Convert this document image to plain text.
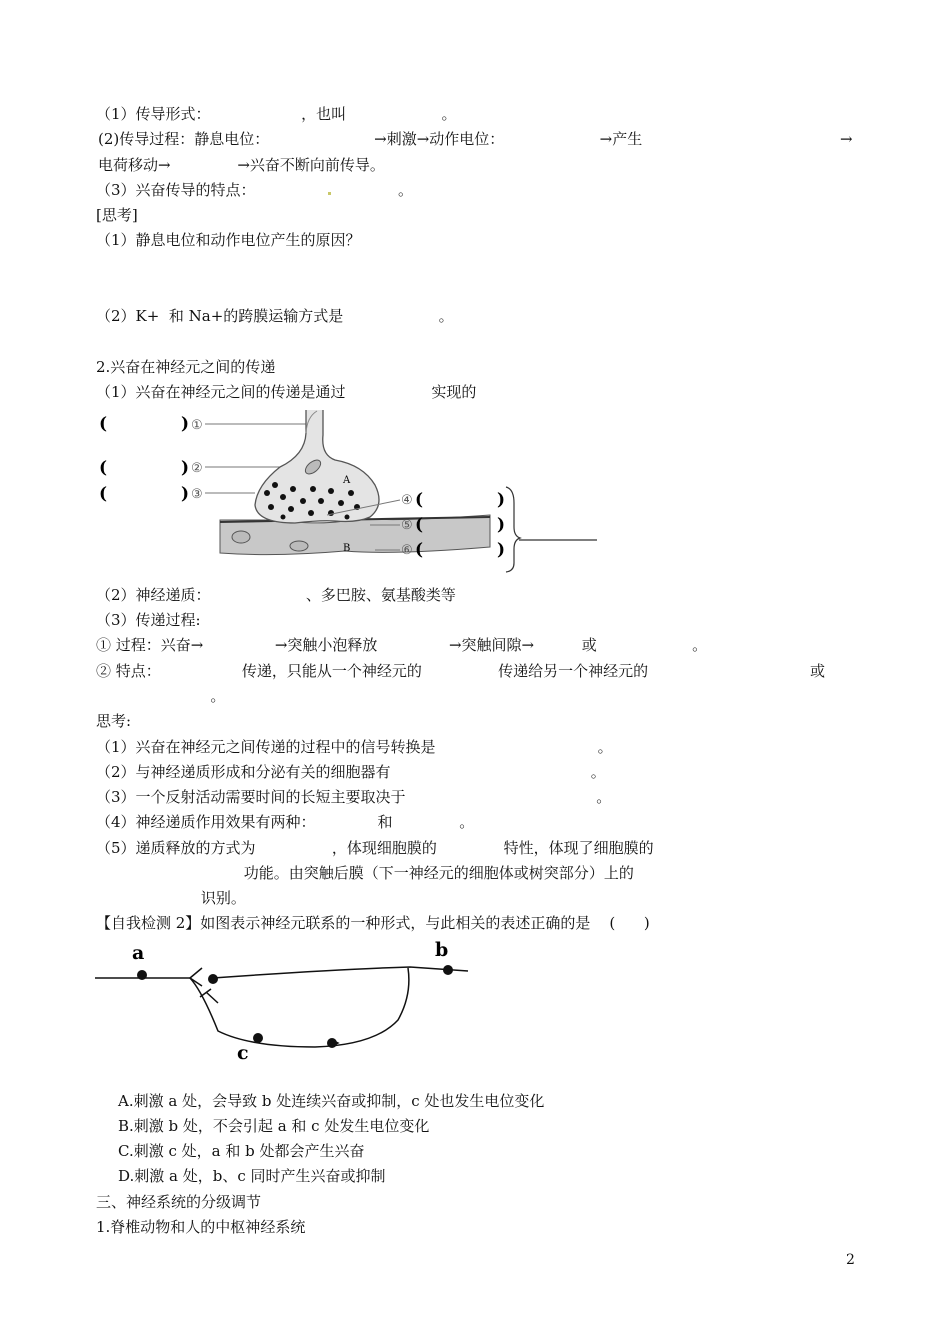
（1）传导形式：                   ，也叫                    。
(2)传导过程：静息电位：                      →刺激→动作电位：                    →产生	→
电荷移动→              →兴奋不断向前传导。
（3）兴奋传导的特点：	。
[思考]
（1）静息电位和动作电位产生的原因？
（2）K+  和 Na+的跨膜运输方式是                    。
2.兴奋在神经元之间的传递
（1）兴奋在神经元之间的传递是通过                  实现的
(	)
(	)
(	)
①
②
③
A
B
④
⑤
⑥
(	)
(	)
(	)
（2）神经递质：                    、多巴胺、氨基酸类等
（3）传递过程:
① 过程：兴奋→               →突触小泡释放               →突触间隙→          或                    。
② 特点：                 传递，只能从一个神经元的                传递给另一个神经元的	或
。
思考:
（1）兴奋在神经元之间传递的过程中的信号转换是                                  。
（2）与神经递质形成和分泌有关的细胞器有                                          。
（3）一个反射活动需要时间的长短主要取决于                                        。
（4）神经递质作用效果有两种：             和              。
（5）递质释放的方式为                ，体现细胞膜的              特性，体现了细胞膜的
功能。由突触后膜（下一神经元的细胞体或树突部分）上的
识别。
【自我检测 2】如图表示神经元联系的一种形式，与此相关的表述正确的是    (      )
a	b
c
A.刺激 a 处，会导致 b 处连续兴奋或抑制，c 处也发生电位变化
B.刺激 b 处，不会引起 a 和 c 处发生电位变化
C.刺激 c 处，a 和 b 处都会产生兴奋
D.刺激 a 处，b、c 同时产生兴奋或抑制
三、神经系统的分级调节
1.脊椎动物和人的中枢神经系统
2
